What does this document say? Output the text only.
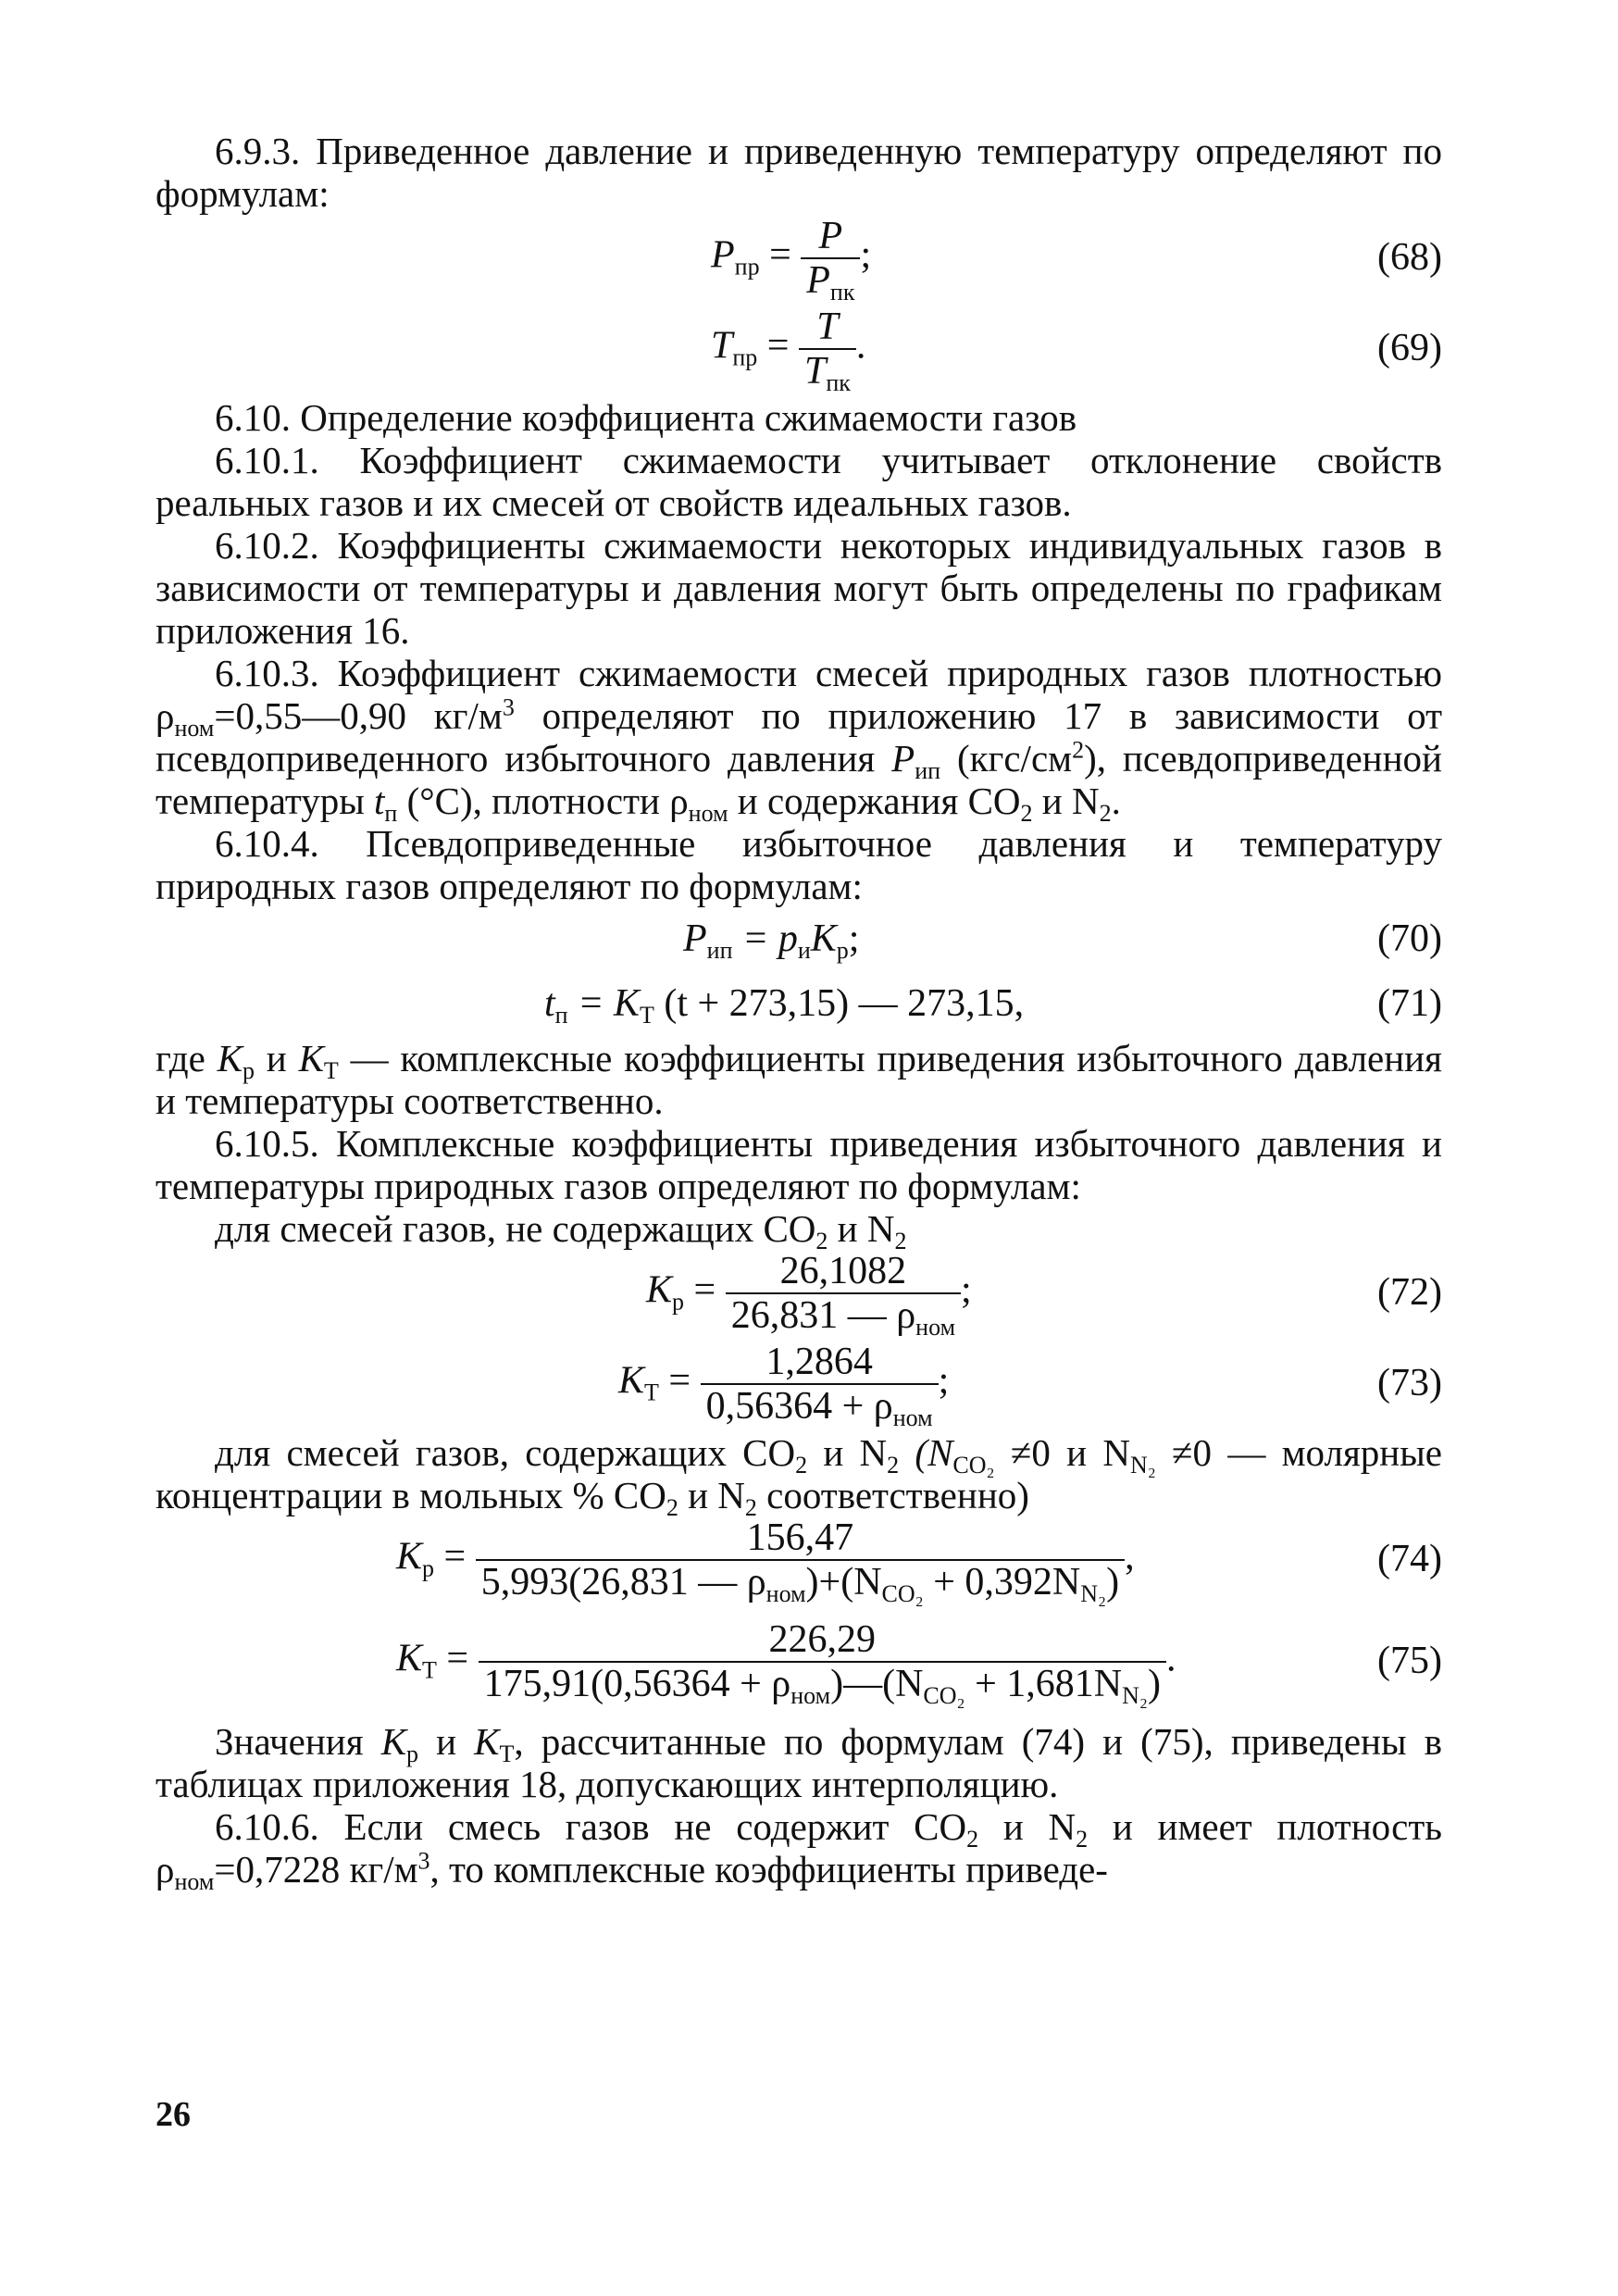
6.9.3. Приведенное давление и приведенную температуру определяют по формулам:

$P_{пр} = \frac{P}{P_{пк}}$ ;	(68)
$T_{пр} = \frac{T}{T_{пк}}$ .	(69)

6.10. Определение коэффициента сжимаемости газов

6.10.1. Коэффициент сжимаемости учитывает отклонение свойств реальных газов и их смесей от свойств идеальных газов.

6.10.2. Коэффициенты сжимаемости некоторых индивидуальных газов в зависимости от температуры и давления могут быть определены по графикам приложения 16.

6.10.3. Коэффициент сжимаемости смесей природных газов плотностью $\rho_{ном}=0,55—0,90$ $кг/м^3$ определяют по приложению 17 в зависимости от псевдоприведенного избыточного давления $P_{ип}$ $(кгс/см^2)$, псевдоприведенной температуры $t_п$ (°C), плотности $\rho_{ном}$ и содержания $CO_2$ и $N_2$.

6.10.4. Псевдоприведенные избыточное давления и температуру природных газов определяют по формулам:

$P_{ип} = p_иK_p$;	(70)
$t_п = K_T$ (t + 273,15) — 273,15,	(71)

где $K_p$ и $K_T$ — комплексные коэффициенты приведения избыточного давления и температуры соответственно.

6.10.5. Комплексные коэффициенты приведения избыточного давления и температуры природных газов определяют по формулам:

для смесей газов, не содержащих $CO_2$ и $N_2$

$K_p = \frac{26,1082}{26,831 — \rho_{ном}}$ ;	(72)
$K_T = \frac{1,2864}{0,56364 + \rho_{ном}}$ ;	(73)

для смесей газов, содержащих $CO_2$ и $N_2$ ($N_{CO_2} \ne 0$ и $N_{N_2} \ne 0$ — молярные концентрации в мольных % $CO_2$ и $N_2$ соответственно)

$K_p = \frac{156,47}{5,993(26,831 — \rho_{ном})+(N_{CO_2} + 0,392N_{N_2})}$ ,	(74)
$K_T = \frac{226,29}{175,91(0,56364 + \rho_{ном})—(N_{CO_2} + 1,681N_{N_2})}$ .	(75)

Значения $K_p$ и $K_T$, рассчитанные по формулам (74) и (75), приведены в таблицах приложения 18, допускающих интерполяцию.

6.10.6. Если смесь газов не содержит $CO_2$ и $N_2$ и имеет плотность $\rho_{ном}=0,7228$ $кг/м^3$, то комплексные коэффициенты приведе-

26
